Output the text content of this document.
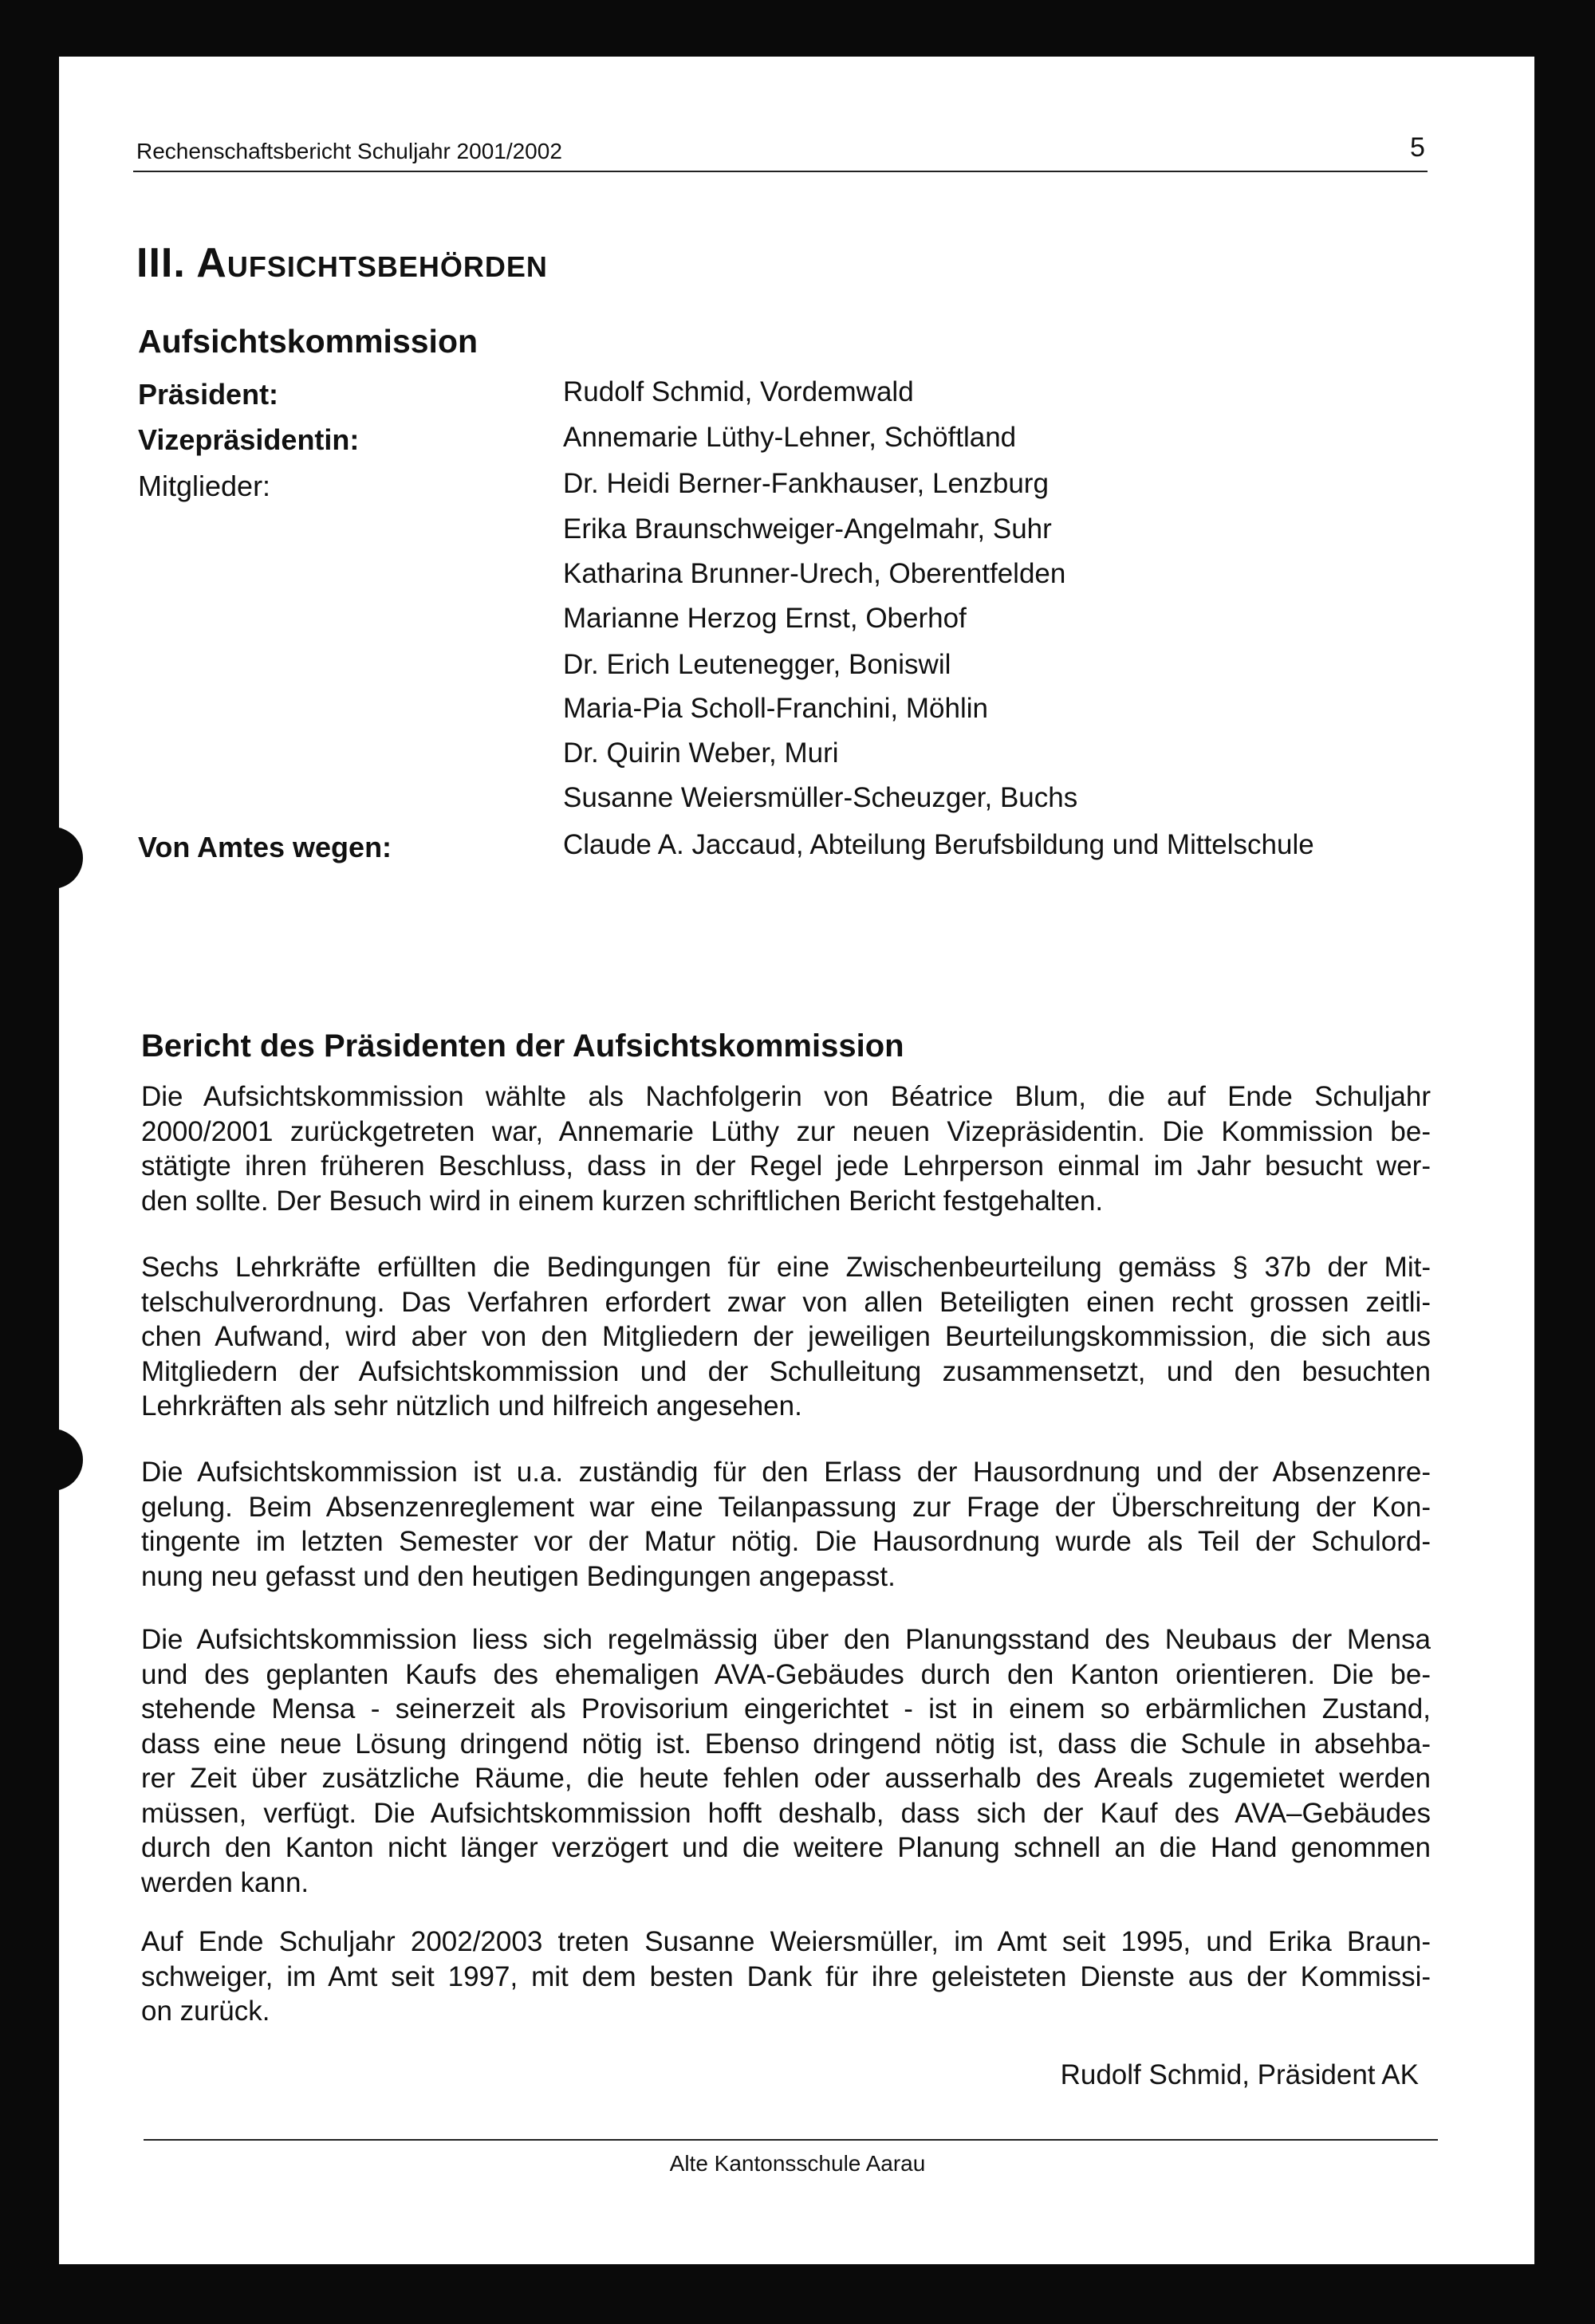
Rechenschaftsbericht Schuljahr 2001/2002	5
III. Aufsichtsbehörden
Aufsichtskommission
Präsident:	Rudolf Schmid, Vordemwald
Vizepräsidentin:	Annemarie Lüthy-Lehner, Schöftland
Mitglieder:	Dr. Heidi Berner-Fankhauser, Lenzburg
Erika Braunschweiger-Angelmahr, Suhr
Katharina Brunner-Urech, Oberentfelden
Marianne Herzog Ernst, Oberhof
Dr. Erich Leutenegger, Boniswil
Maria-Pia Scholl-Franchini, Möhlin
Dr. Quirin Weber, Muri
Susanne Weiersmüller-Scheuzger, Buchs
Von Amtes wegen:	Claude A. Jaccaud, Abteilung Berufsbildung und Mittelschule
Bericht des Präsidenten der Aufsichtskommission
Die Aufsichtskommission wählte als Nachfolgerin von Béatrice Blum, die auf Ende Schuljahr
2000/2001 zurückgetreten war, Annemarie Lüthy zur neuen Vizepräsidentin. Die Kommission be-
stätigte ihren früheren Beschluss, dass in der Regel jede Lehrperson einmal im Jahr besucht wer-
den sollte. Der Besuch wird in einem kurzen schriftlichen Bericht festgehalten.
Sechs Lehrkräfte erfüllten die Bedingungen für eine Zwischenbeurteilung gemäss § 37b der Mit-
telschulverordnung. Das Verfahren erfordert zwar von allen Beteiligten einen recht grossen zeitli-
chen Aufwand, wird aber von den Mitgliedern der jeweiligen Beurteilungskommission, die sich aus
Mitgliedern der Aufsichtskommission und der Schulleitung zusammensetzt, und den besuchten
Lehrkräften als sehr nützlich und hilfreich angesehen.
Die Aufsichtskommission ist u.a. zuständig für den Erlass der Hausordnung und der Absenzenre-
gelung. Beim Absenzenreglement war eine Teilanpassung zur Frage der Überschreitung der Kon-
tingente im letzten Semester vor der Matur nötig. Die Hausordnung wurde als Teil der Schulord-
nung neu gefasst und den heutigen Bedingungen angepasst.
Die Aufsichtskommission liess sich regelmässig über den Planungsstand des Neubaus der Mensa
und des geplanten Kaufs des ehemaligen AVA-Gebäudes durch den Kanton orientieren. Die be-
stehende Mensa - seinerzeit als Provisorium eingerichtet - ist in einem so erbärmlichen Zustand,
dass eine neue Lösung dringend nötig ist. Ebenso dringend nötig ist, dass die Schule in absehba-
rer Zeit über zusätzliche Räume, die heute fehlen oder ausserhalb des Areals zugemietet werden
müssen, verfügt. Die Aufsichtskommission hofft deshalb, dass sich der Kauf des AVA–Gebäudes
durch den Kanton nicht länger verzögert und die weitere Planung schnell an die Hand genommen
werden kann.
Auf Ende Schuljahr 2002/2003 treten Susanne Weiersmüller, im Amt seit 1995, und Erika Braun-
schweiger, im Amt seit 1997, mit dem besten Dank für ihre geleisteten Dienste aus der Kommissi-
on zurück.
Rudolf Schmid, Präsident AK
Alte Kantonsschule Aarau
